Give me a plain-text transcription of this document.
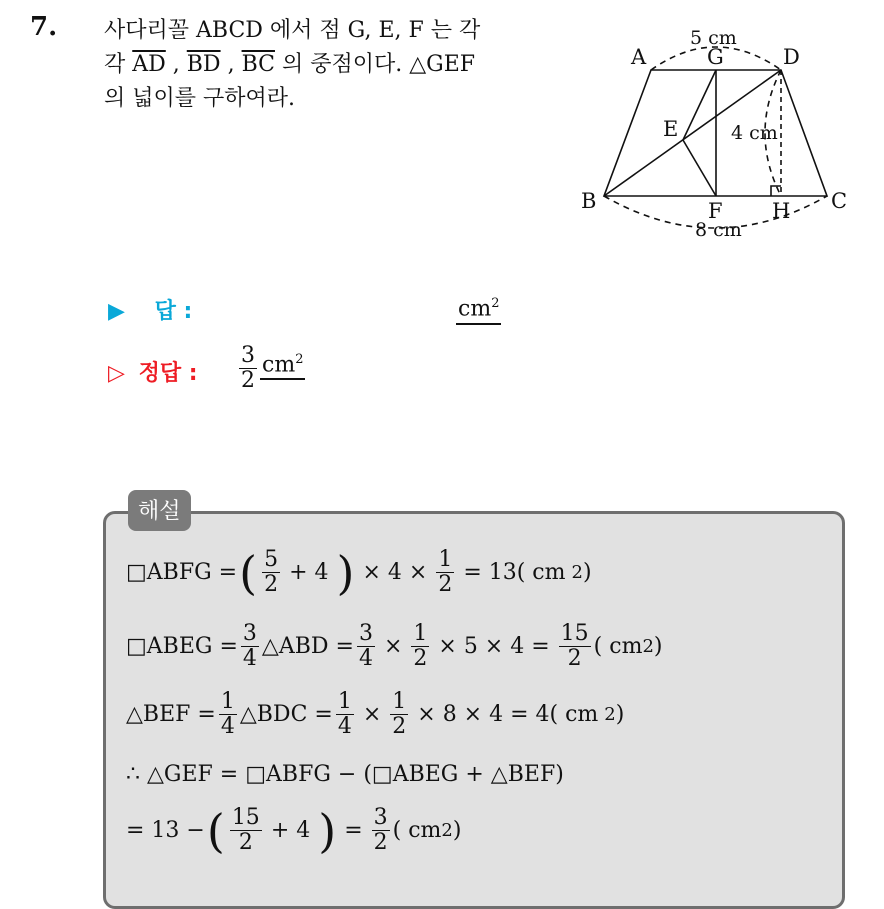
7. 사다리꼴 ABCD 에서 점 G, E, F 는 각
각 $\overline{AD}$ , $\overline{BD}$ , $\overline{BC}$ 의 중점이다. △GEF
의 넓이를 구하여라.
A	G	D
E
B	F H C
5 cm
4 cm
8 cm
▶ 답 :	$cm^2$
▷ 정답 : $\frac{3}{2} cm^2$
해설
□ABFG = ( $\frac{5}{2} + 4$ ) × $4 \times \frac{1}{2} = 13$( cm 2 )
□ABEG = $\frac{3}{4}$ △ABD = $\frac{3}{4} \times \frac{1}{2} \times 5 \times 4 = \frac{15}{2}$ ( cm 2 )
△BEF = $\frac{1}{4}$ △BDC = $\frac{1}{4} \times \frac{1}{2} \times 8 \times 4 = 4$( cm 2 )
∴ △GEF = □ABFG − (□ABEG + △BEF)
= 13 − ( $\frac{15}{2} + 4$ ) = $\frac{3}{2}$ ( cm 2 )
